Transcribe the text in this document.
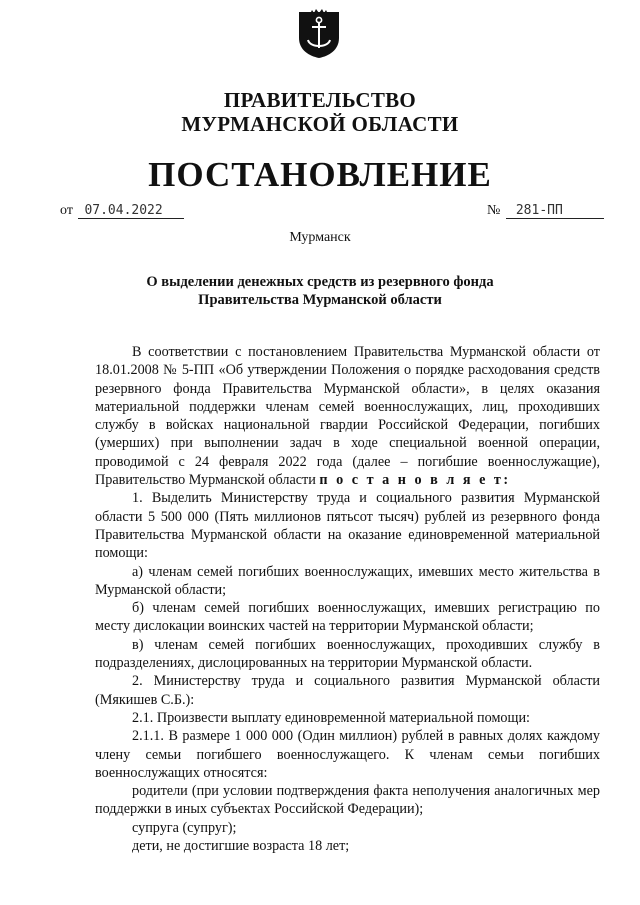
ПРАВИТЕЛЬСТВО
МУРМАНСКОЙ ОБЛАСТИ
ПОСТАНОВЛЕНИЕ
от 07.04.2022	№ 281-ПП
Мурманск
О выделении денежных средств из резервного фонда
Правительства Мурманской области

В соответствии с постановлением Правительства Мурманской области от 18.01.2008 № 5-ПП «Об утверждении Положения о порядке расходования средств резервного фонда Правительства Мурманской области», в целях оказания материальной поддержки членам семей военнослужащих, лиц, проходивших службу в войсках национальной гвардии Российской Федерации, погибших (умерших) при выполнении задач в ходе специальной военной операции, проводимой с 24 февраля 2022 года (далее – погибшие военнослужащие), Правительство Мурманской области п о с т а н о в л я е т:

1. Выделить Министерству труда и социального развития Мурманской области 5 500 000 (Пять миллионов пятьсот тысяч) рублей из резервного фонда Правительства Мурманской области на оказание единовременной материальной помощи:

а) членам семей погибших военнослужащих, имевших место жительства в Мурманской области;

б) членам семей погибших военнослужащих, имевших регистрацию по месту дислокации воинских частей на территории Мурманской области;

в) членам семей погибших военнослужащих, проходивших службу в подразделениях, дислоцированных на территории Мурманской области.

2. Министерству труда и социального развития Мурманской области (Мякишев С.Б.):

2.1. Произвести выплату единовременной материальной помощи:

2.1.1. В размере 1 000 000 (Один миллион) рублей в равных долях каждому члену семьи погибшего военнослужащего. К членам семьи погибших военнослужащих относятся:

родители (при условии подтверждения факта неполучения аналогичных мер поддержки в иных субъектах Российской Федерации);

супруга (супруг);

дети, не достигшие возраста 18 лет;
